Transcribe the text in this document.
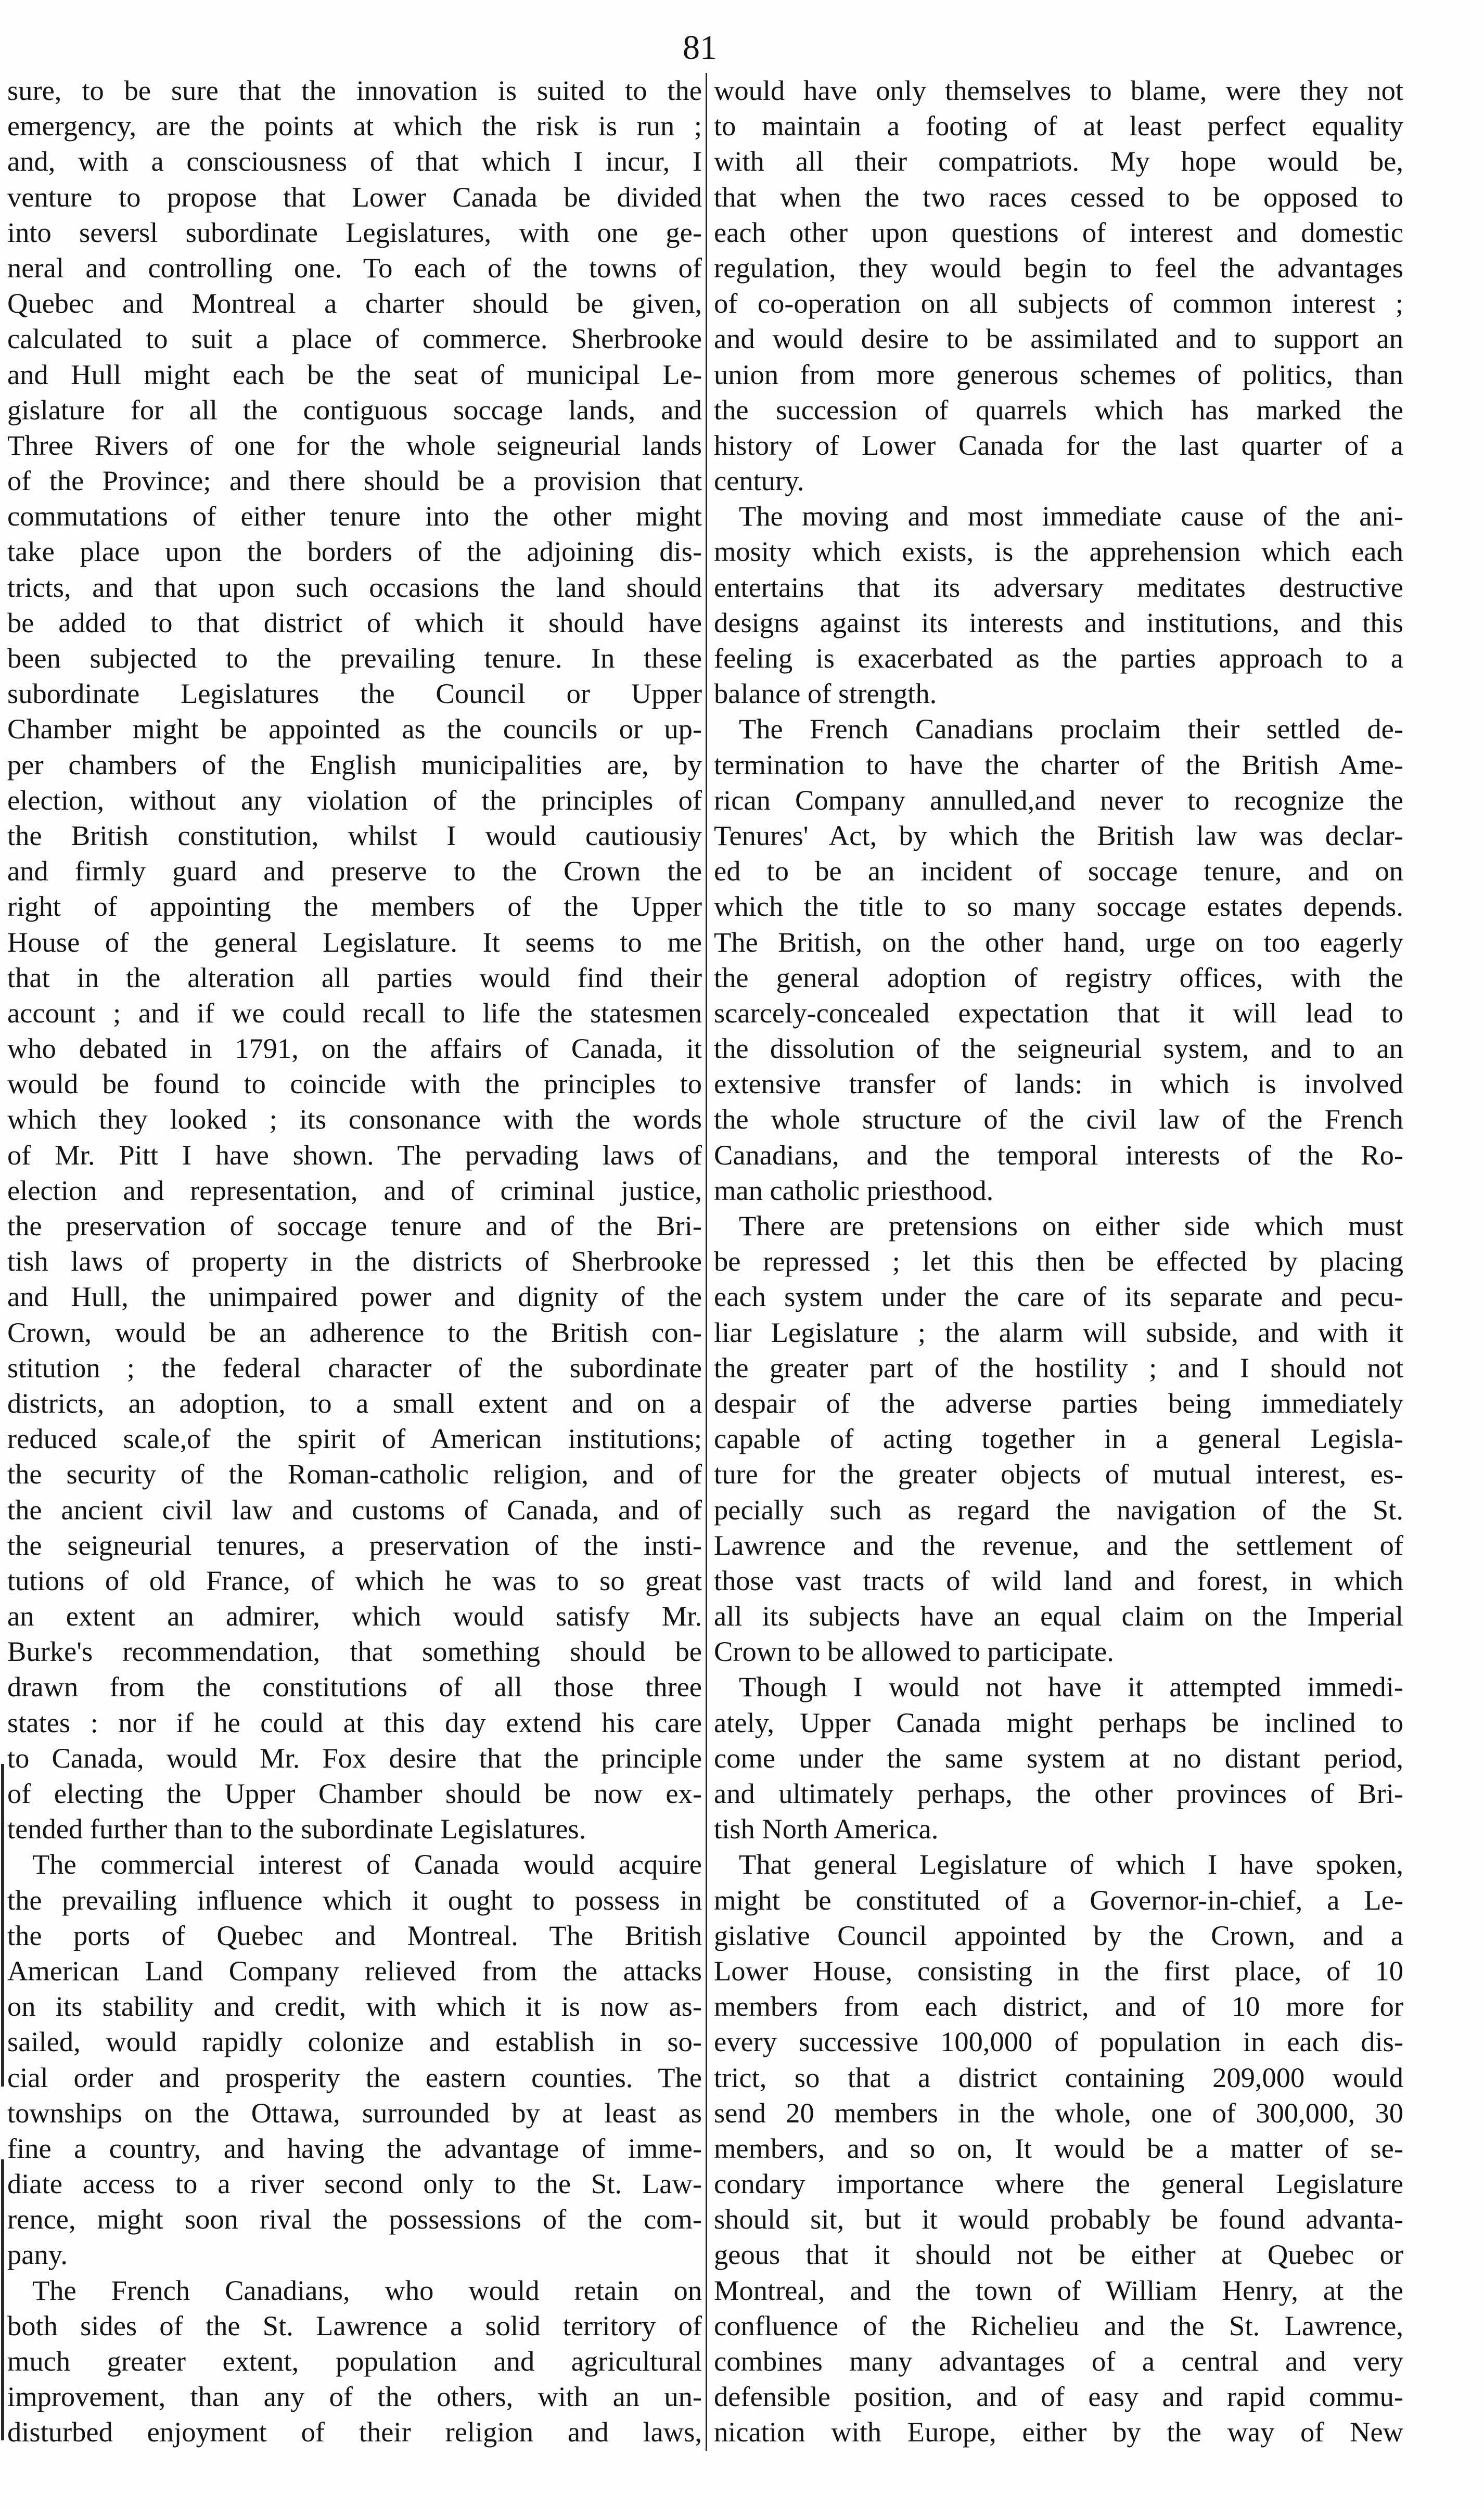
81
sure, to be sure that the innovation is suited to the
emergency, are the points at which the risk is run ;
and, with a consciousness of that which I incur, I
venture to propose that Lower Canada be divided
into seversl subordinate Legislatures, with one ge-
neral and controlling one. To each of the towns of
Quebec and Montreal a charter should be given,
calculated to suit a place of commerce. Sherbrooke
and Hull might each be the seat of municipal Le-
gislature for all the contiguous soccage lands, and
Three Rivers of one for the whole seigneurial lands
of the Province; and there should be a provision that
commutations of either tenure into the other might
take place upon the borders of the adjoining dis-
tricts, and that upon such occasions the land should
be added to that district of which it should have
been subjected to the prevailing tenure. In these
subordinate Legislatures the Council or Upper
Chamber might be appointed as the councils or up-
per chambers of the English municipalities are, by
election, without any violation of the principles of
the British constitution, whilst I would cautiousiy
and firmly guard and preserve to the Crown the
right of appointing the members of the Upper
House of the general Legislature. It seems to me
that in the alteration all parties would find their
account ; and if we could recall to life the statesmen
who debated in 1791, on the affairs of Canada, it
would be found to coincide with the principles to
which they looked ; its consonance with the words
of Mr. Pitt I have shown. The pervading laws of
election and representation, and of criminal justice,
the preservation of soccage tenure and of the Bri-
tish laws of property in the districts of Sherbrooke
and Hull, the unimpaired power and dignity of the
Crown, would be an adherence to the British con-
stitution ; the federal character of the subordinate
districts, an adoption, to a small extent and on a
reduced scale,of the spirit of American institutions;
the security of the Roman-catholic religion, and of
the ancient civil law and customs of Canada, and of
the seigneurial tenures, a preservation of the insti-
tutions of old France, of which he was to so great
an extent an admirer, which would satisfy Mr.
Burke's recommendation, that something should be
drawn from the constitutions of all those three
states : nor if he could at this day extend his care
to Canada, would Mr. Fox desire that the principle
of electing the Upper Chamber should be now ex-
tended further than to the subordinate Legislatures.
The commercial interest of Canada would acquire
the prevailing influence which it ought to possess in
the ports of Quebec and Montreal. The British
American Land Company relieved from the attacks
on its stability and credit, with which it is now as-
sailed, would rapidly colonize and establish in so-
cial order and prosperity the eastern counties. The
townships on the Ottawa, surrounded by at least as
fine a country, and having the advantage of imme-
diate access to a river second only to the St. Law-
rence, might soon rival the possessions of the com-
pany.
The French Canadians, who would retain on
both sides of the St. Lawrence a solid territory of
much greater extent, population and agricultural
improvement, than any of the others, with an un-
disturbed enjoyment of their religion and laws,
would have only themselves to blame, were they not
to maintain a footing of at least perfect equality
with all their compatriots. My hope would be,
that when the two races cessed to be opposed to
each other upon questions of interest and domestic
regulation, they would begin to feel the advantages
of co-operation on all subjects of common interest ;
and would desire to be assimilated and to support an
union from more generous schemes of politics, than
the succession of quarrels which has marked the
history of Lower Canada for the last quarter of a
century.
The moving and most immediate cause of the ani-
mosity which exists, is the apprehension which each
entertains that its adversary meditates destructive
designs against its interests and institutions, and this
feeling is exacerbated as the parties approach to a
balance of strength.
The French Canadians proclaim their settled de-
termination to have the charter of the British Ame-
rican Company annulled,and never to recognize the
Tenures' Act, by which the British law was declar-
ed to be an incident of soccage tenure, and on
which the title to so many soccage estates depends.
The British, on the other hand, urge on too eagerly
the general adoption of registry offices, with the
scarcely-concealed expectation that it will lead to
the dissolution of the seigneurial system, and to an
extensive transfer of lands: in which is involved
the whole structure of the civil law of the French
Canadians, and the temporal interests of the Ro-
man catholic priesthood.
There are pretensions on either side which must
be repressed ; let this then be effected by placing
each system under the care of its separate and pecu-
liar Legislature ; the alarm will subside, and with it
the greater part of the hostility ; and I should not
despair of the adverse parties being immediately
capable of acting together in a general Legisla-
ture for the greater objects of mutual interest, es-
pecially such as regard the navigation of the St.
Lawrence and the revenue, and the settlement of
those vast tracts of wild land and forest, in which
all its subjects have an equal claim on the Imperial
Crown to be allowed to participate.
Though I would not have it attempted immedi-
ately, Upper Canada might perhaps be inclined to
come under the same system at no distant period,
and ultimately perhaps, the other provinces of Bri-
tish North America.
That general Legislature of which I have spoken,
might be constituted of a Governor-in-chief, a Le-
gislative Council appointed by the Crown, and a
Lower House, consisting in the first place, of 10
members from each district, and of 10 more for
every successive 100,000 of population in each dis-
trict, so that a district containing 209,000 would
send 20 members in the whole, one of 300,000, 30
members, and so on, It would be a matter of se-
condary importance where the general Legislature
should sit, but it would probably be found advanta-
geous that it should not be either at Quebec or
Montreal, and the town of William Henry, at the
confluence of the Richelieu and the St. Lawrence,
combines many advantages of a central and very
defensible position, and of easy and rapid commu-
nication with Europe, either by the way of New
